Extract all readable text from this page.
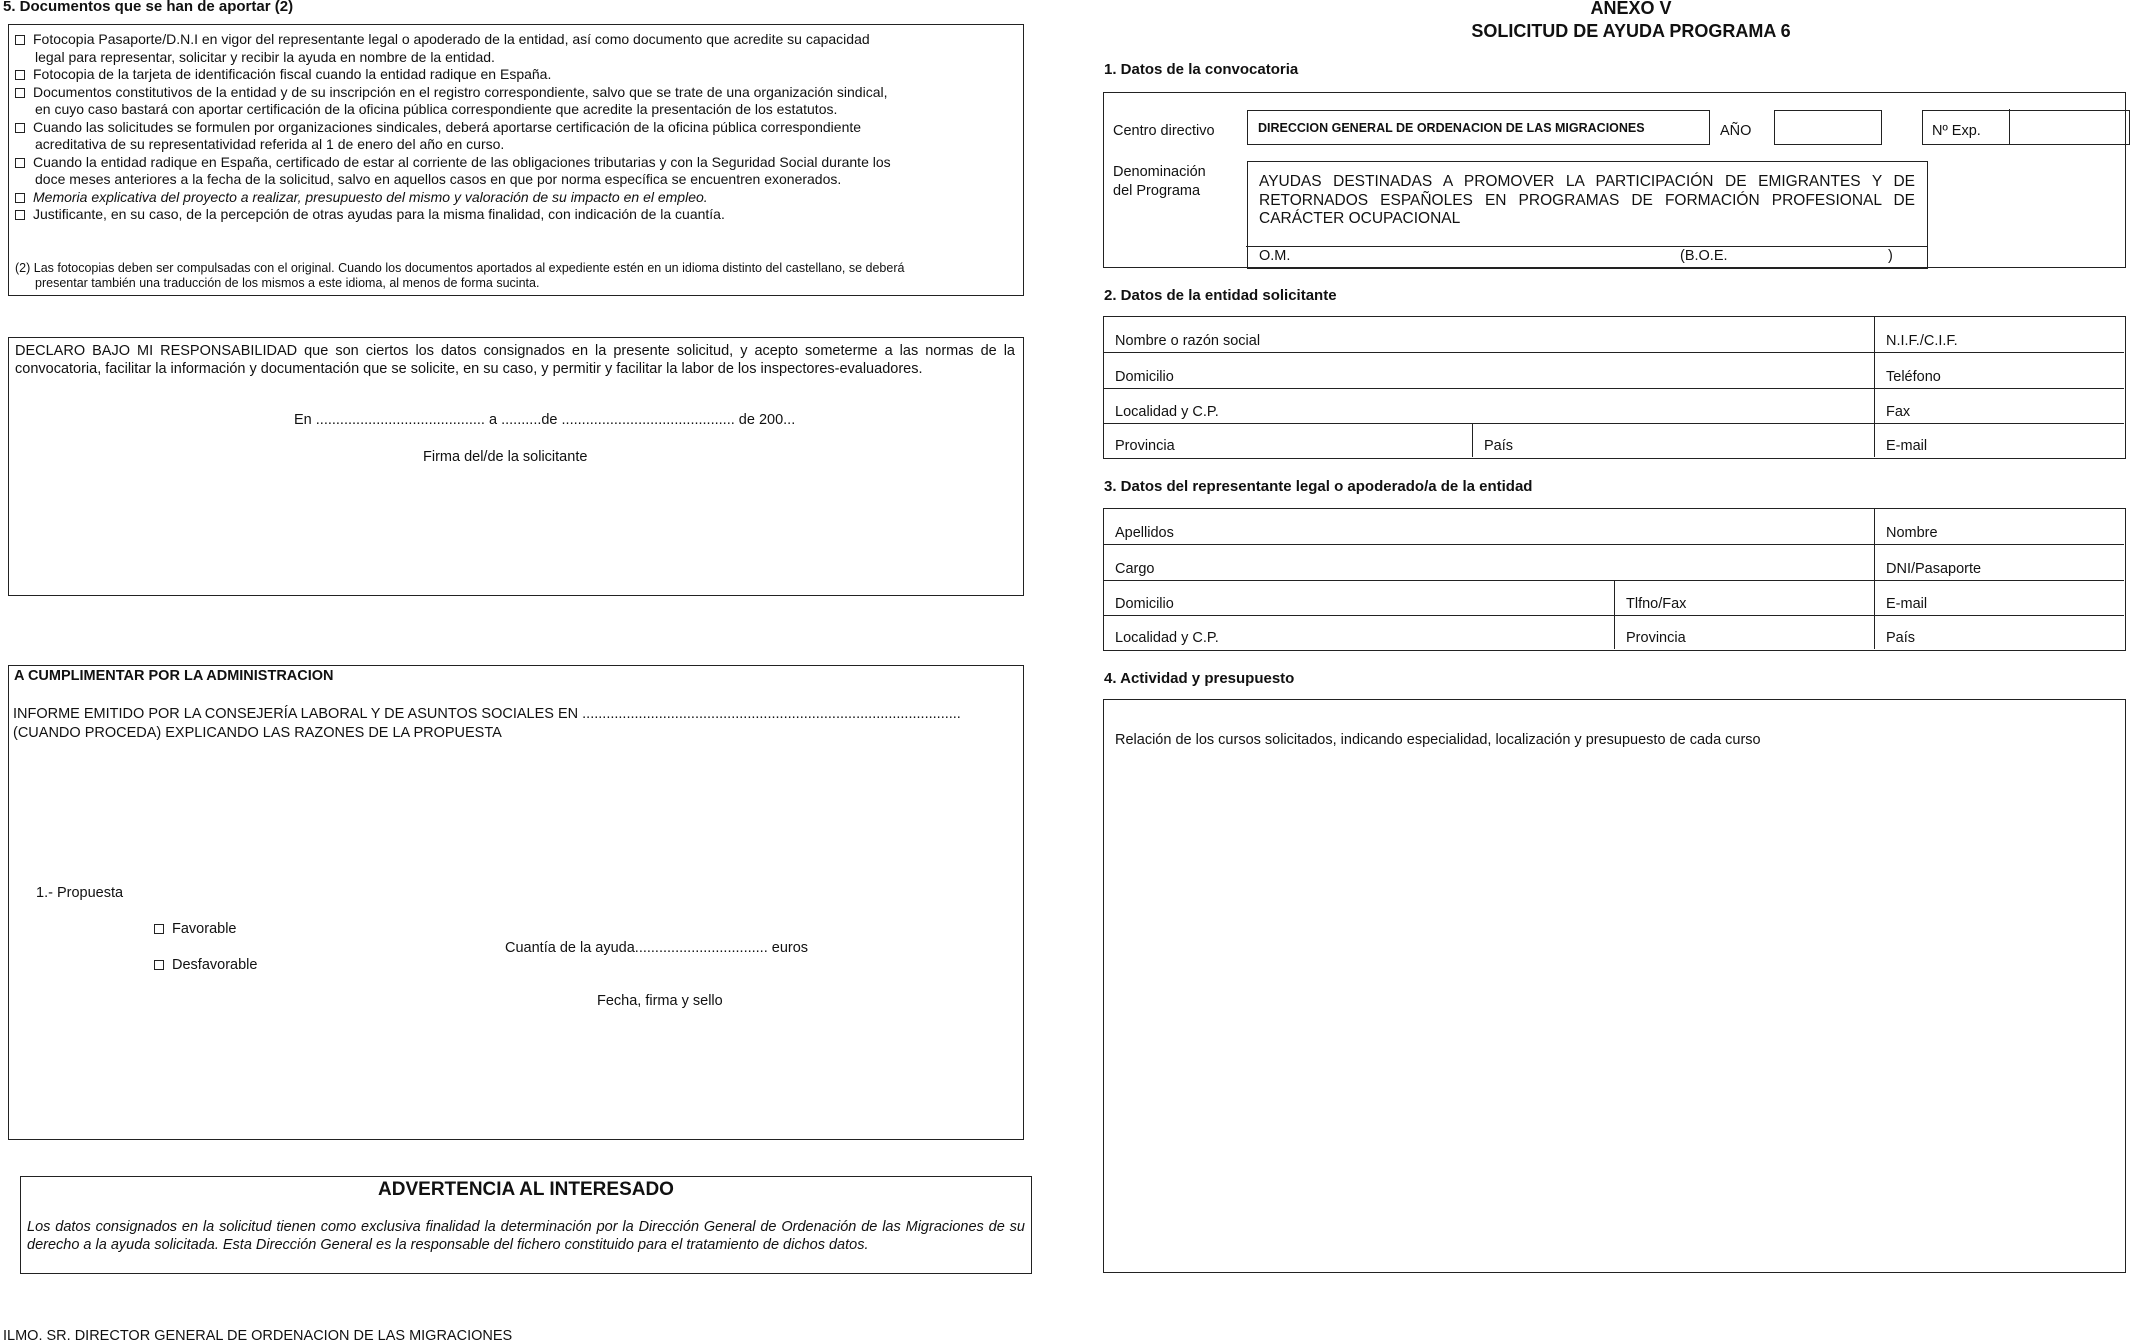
5. Documentos que se han de aportar (2)
Fotocopia Pasaporte/D.N.I en vigor del representante legal o apoderado de la entidad, así como documento que acredite su capacidad
legal para representar, solicitar y recibir la ayuda en nombre de la entidad.
Fotocopia de la tarjeta de identificación fiscal cuando la entidad radique en España.
Documentos constitutivos de la entidad y de su inscripción en el registro correspondiente, salvo que se trate de una organización sindical,
en cuyo caso bastará con aportar certificación de la oficina pública correspondiente que acredite la presentación de los estatutos.
Cuando las solicitudes se formulen por organizaciones sindicales, deberá aportarse certificación de la oficina pública correspondiente
acreditativa de su representatividad referida al 1 de enero del año en curso.
Cuando la entidad radique en España, certificado de estar al corriente de las obligaciones tributarias y con la Seguridad Social durante los
doce meses anteriores a la fecha de la solicitud, salvo en aquellos casos en que por norma específica se encuentren exonerados.
Memoria explicativa del proyecto a realizar, presupuesto del mismo y valoración de su impacto en el empleo.
Justificante, en su caso, de la percepción de otras ayudas para la misma finalidad, con indicación de la cuantía.
(2) Las fotocopias deben ser compulsadas con el original. Cuando los documentos aportados al expediente estén en un idioma distinto del castellano, se deberá
presentar también una traducción de los mismos a este idioma, al menos de forma sucinta.
DECLARO BAJO MI RESPONSABILIDAD que son ciertos los datos consignados en la presente solicitud, y acepto someterme a las normas de la convocatoria, facilitar la información y documentación que se solicite, en su caso, y permitir y facilitar la labor de los inspectores-evaluadores.
En .......................................... a ..........de ........................................... de 200...
Firma del/de la solicitante
A CUMPLIMENTAR POR LA ADMINISTRACION
INFORME EMITIDO POR LA CONSEJERÍA LABORAL Y DE ASUNTOS SOCIALES EN ..............................................................................................
(CUANDO PROCEDA) EXPLICANDO LAS RAZONES DE LA PROPUESTA
1.- Propuesta
Favorable
Desfavorable
Cuantía de la ayuda................................. euros
Fecha, firma y sello
ADVERTENCIA AL INTERESADO
Los datos consignados en la solicitud tienen como exclusiva finalidad la determinación por la Dirección General de Ordenación de las Migraciones de su derecho a la ayuda solicitada. Esta Dirección General es la responsable del fichero constituido para el tratamiento de dichos datos.
ILMO. SR. DIRECTOR GENERAL DE ORDENACION DE LAS MIGRACIONES
ANEXO V
SOLICITUD DE AYUDA PROGRAMA 6
1. Datos de la convocatoria
Centro directivo	DIRECCION GENERAL DE ORDENACION DE LAS MIGRACIONES	AÑO	Nº Exp.
Denominación
del Programa
AYUDAS DESTINADAS A PROMOVER LA PARTICIPACIÓN DE EMIGRANTES Y DE RETORNADOS ESPAÑOLES EN PROGRAMAS DE FORMACIÓN PROFESIONAL DE CARÁCTER OCUPACIONAL
O.M.	(B.O.E.	)
2. Datos de la entidad solicitante
Nombre o razón social	N.I.F./C.I.F.
Domicilio	Teléfono
Localidad y C.P.	Fax
Provincia	País	E-mail
3. Datos del representante legal o apoderado/a de la entidad
Apellidos	Nombre
Cargo	DNI/Pasaporte
Domicilio	Tlfno/Fax	E-mail
Localidad y C.P.	Provincia	País
4. Actividad y presupuesto
Relación de los cursos solicitados, indicando especialidad, localización y presupuesto de cada curso
